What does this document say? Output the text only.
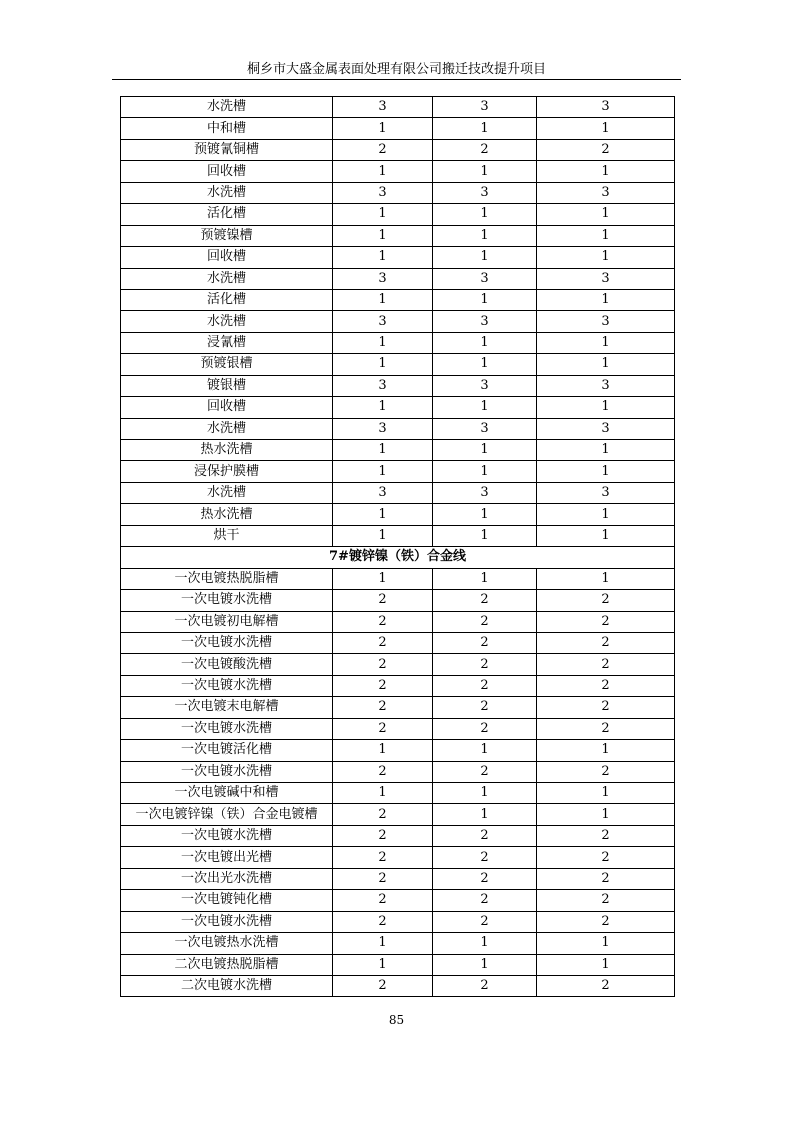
桐乡市大盛金属表面处理有限公司搬迁技改提升项目
水洗槽	3	3	3
中和槽	1	1	1
预镀氰铜槽	2	2	2
回收槽	1	1	1
水洗槽	3	3	3
活化槽	1	1	1
预镀镍槽	1	1	1
回收槽	1	1	1
水洗槽	3	3	3
活化槽	1	1	1
水洗槽	3	3	3
浸氰槽	1	1	1
预镀银槽	1	1	1
镀银槽	3	3	3
回收槽	1	1	1
水洗槽	3	3	3
热水洗槽	1	1	1
浸保护膜槽	1	1	1
水洗槽	3	3	3
热水洗槽	1	1	1
烘干	1	1	1
7#镀锌镍（铁）合金线			
一次电镀热脱脂槽	1	1	1
一次电镀水洗槽	2	2	2
一次电镀初电解槽	2	2	2
一次电镀水洗槽	2	2	2
一次电镀酸洗槽	2	2	2
一次电镀水洗槽	2	2	2
一次电镀末电解槽	2	2	2
一次电镀水洗槽	2	2	2
一次电镀活化槽	1	1	1
一次电镀水洗槽	2	2	2
一次电镀碱中和槽	1	1	1
一次电镀锌镍（铁）合金电镀槽	2	1	1
一次电镀水洗槽	2	2	2
一次电镀出光槽	2	2	2
一次出光水洗槽	2	2	2
一次电镀钝化槽	2	2	2
一次电镀水洗槽	2	2	2
一次电镀热水洗槽	1	1	1
二次电镀热脱脂槽	1	1	1
二次电镀水洗槽	2	2	2
85
